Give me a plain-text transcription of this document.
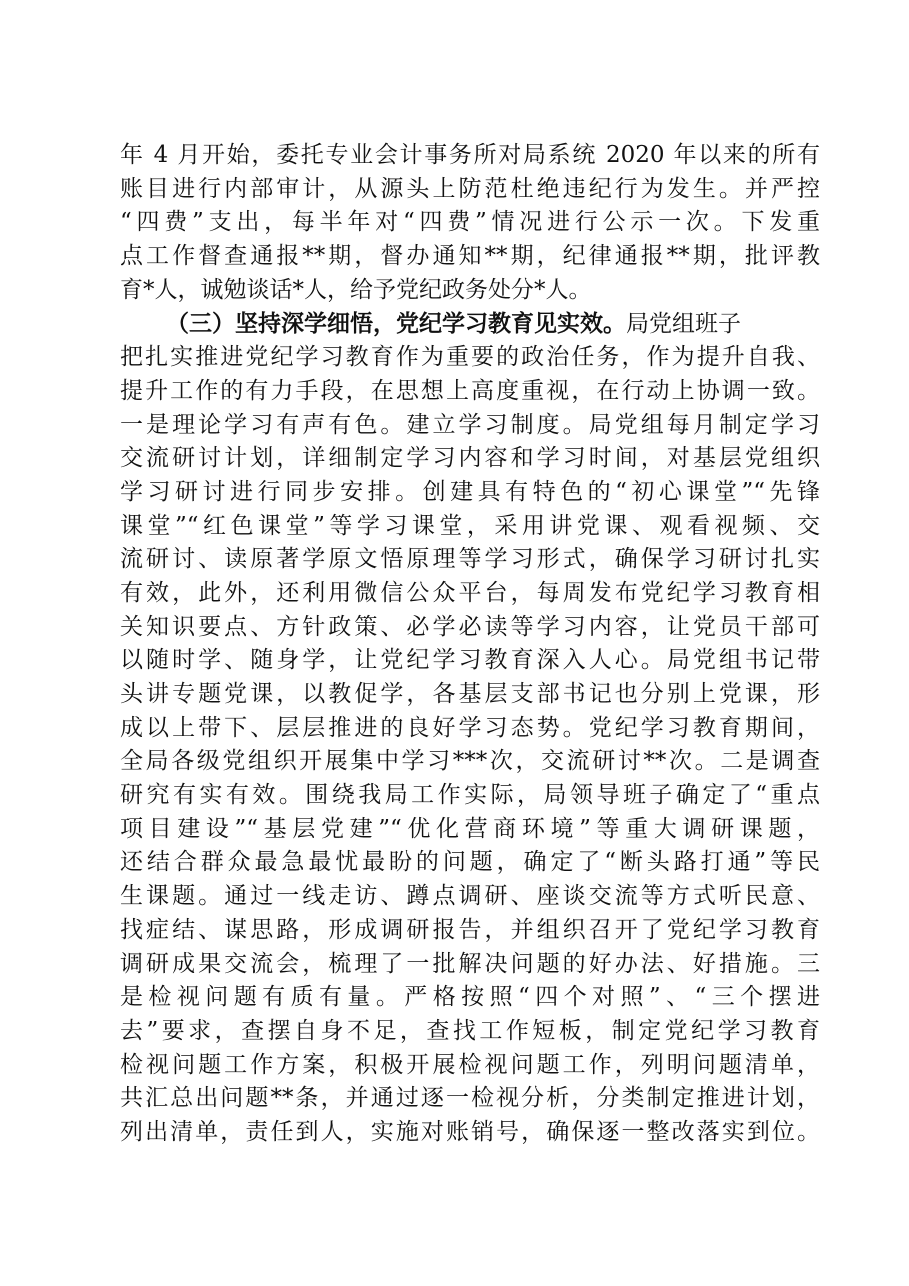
年 4 月开始，委托专业会计事务所对局系统 2020 年以来的所有
账目进行内部审计，从源头上防范杜绝违纪行为发生。并严控
“四费”支出，每半年对“四费”情况进行公示一次。下发重
点工作督查通报**期，督办通知**期，纪律通报**期，批评教
育*人，诚勉谈话*人，给予党纪政务处分*人。
（三）坚持深学细悟，党纪学习教育见实效。局党组班子
把扎实推进党纪学习教育作为重要的政治任务，作为提升自我、
提升工作的有力手段，在思想上高度重视，在行动上协调一致。
一是理论学习有声有色。建立学习制度。局党组每月制定学习
交流研讨计划，详细制定学习内容和学习时间，对基层党组织
学习研讨进行同步安排。创建具有特色的“初心课堂”“先锋
课堂”“红色课堂”等学习课堂，采用讲党课、观看视频、交
流研讨、读原著学原文悟原理等学习形式，确保学习研讨扎实
有效，此外，还利用微信公众平台，每周发布党纪学习教育相
关知识要点、方针政策、必学必读等学习内容，让党员干部可
以随时学、随身学，让党纪学习教育深入人心。局党组书记带
头讲专题党课，以教促学，各基层支部书记也分别上党课，形
成以上带下、层层推进的良好学习态势。党纪学习教育期间，
全局各级党组织开展集中学习***次，交流研讨**次。二是调查
研究有实有效。围绕我局工作实际，局领导班子确定了“重点
项目建设”“基层党建”“优化营商环境”等重大调研课题，
还结合群众最急最忧最盼的问题，确定了“断头路打通”等民
生课题。通过一线走访、蹲点调研、座谈交流等方式听民意、
找症结、谋思路，形成调研报告，并组织召开了党纪学习教育
调研成果交流会，梳理了一批解决问题的好办法、好措施。三
是检视问题有质有量。严格按照“四个对照”、“三个摆进
去”要求，查摆自身不足，查找工作短板，制定党纪学习教育
检视问题工作方案，积极开展检视问题工作，列明问题清单，
共汇总出问题**条，并通过逐一检视分析，分类制定推进计划，
列出清单，责任到人，实施对账销号，确保逐一整改落实到位。
